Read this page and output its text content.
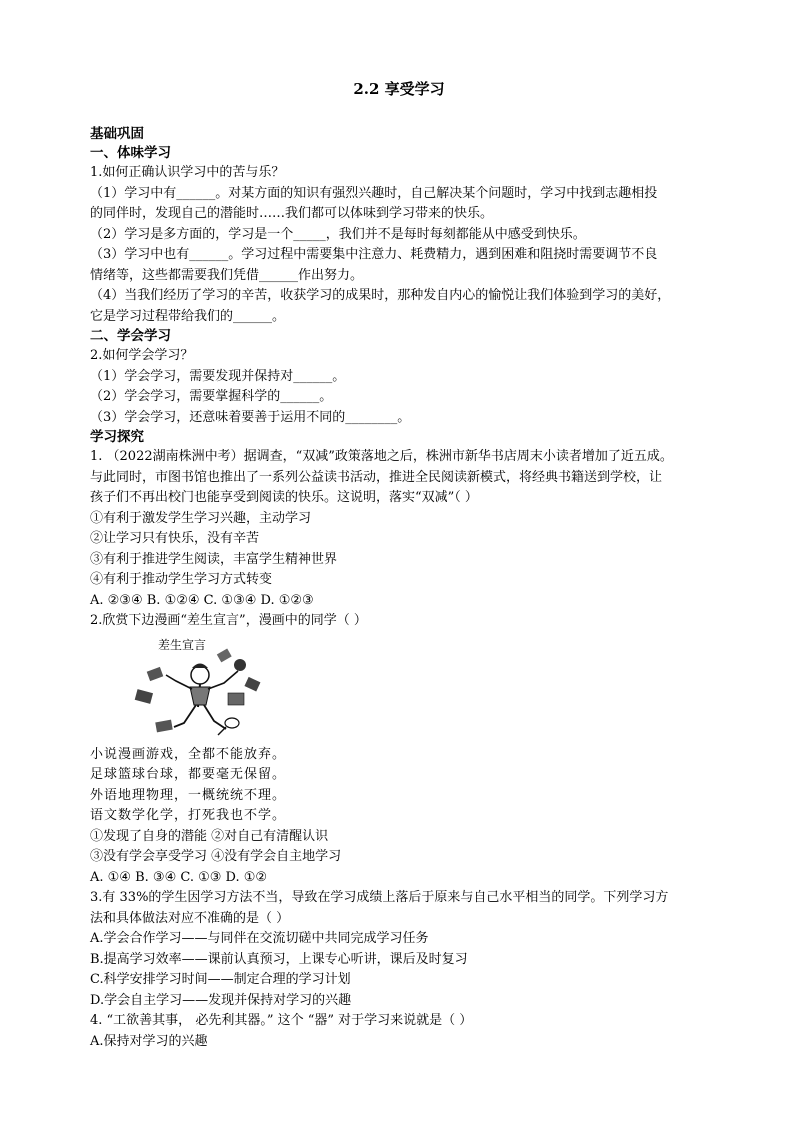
2.2 享受学习
基础巩固
一、体味学习
1.如何正确认识学习中的苦与乐？
（1）学习中有______。对某方面的知识有强烈兴趣时，自己解决某个问题时，学习中找到志趣相投
的同伴时，发现自己的潜能时……我们都可以体味到学习带来的快乐。
（2）学习是多方面的，学习是一个_____，我们并不是每时每刻都能从中感受到快乐。
（3）学习中也有______。学习过程中需要集中注意力、耗费精力，遇到困难和阻挠时需要调节不良
情绪等，这些都需要我们凭借______作出努力。
（4）当我们经历了学习的辛苦，收获学习的成果时，那种发自内心的愉悦让我们体验到学习的美好，
它是学习过程带给我们的______。
二、学会学习
2.如何学会学习？
（1）学会学习，需要发现并保持对______。
（2）学会学习，需要掌握科学的______。
（3）学会学习，还意味着要善于运用不同的________。
学习探究
1. （2022湖南株洲中考）据调查，“双减”政策落地之后，株洲市新华书店周末小读者增加了近五成。
与此同时，市图书馆也推出了一系列公益读书活动，推进全民阅读新模式，将经典书籍送到学校，让
孩子们不再出校门也能享受到阅读的快乐。这说明，落实“双减”（ ）
①有利于激发学生学习兴趣，主动学习
②让学习只有快乐，没有辛苦
③有利于推进学生阅读，丰富学生精神世界
④有利于推动学生学习方式转变
A. ②③④ B. ①②④ C. ①③④ D. ①②③
2.欣赏下边漫画“差生宣言”，漫画中的同学（ ）
差生宣言
小说漫画游戏，全都不能放弃。
足球篮球台球，都要毫无保留。
外语地理物理，一概统统不理。
语文数学化学，打死我也不学。
①发现了自身的潜能 ②对自己有清醒认识
③没有学会享受学习 ④没有学会自主地学习
A. ①④ B. ③④ C. ①③ D. ①②
3.有 33%的学生因学习方法不当，导致在学习成绩上落后于原来与自己水平相当的同学。下列学习方
法和具体做法对应不准确的是（ ）
A.学会合作学习——与同伴在交流切磋中共同完成学习任务
B.提高学习效率——课前认真预习，上课专心听讲，课后及时复习
C.科学安排学习时间——制定合理的学习计划
D.学会自主学习——发现并保持对学习的兴趣
4. “工欲善其事， 必先利其器。” 这个 “器” 对于学习来说就是（ ）
A.保持对学习的兴趣
